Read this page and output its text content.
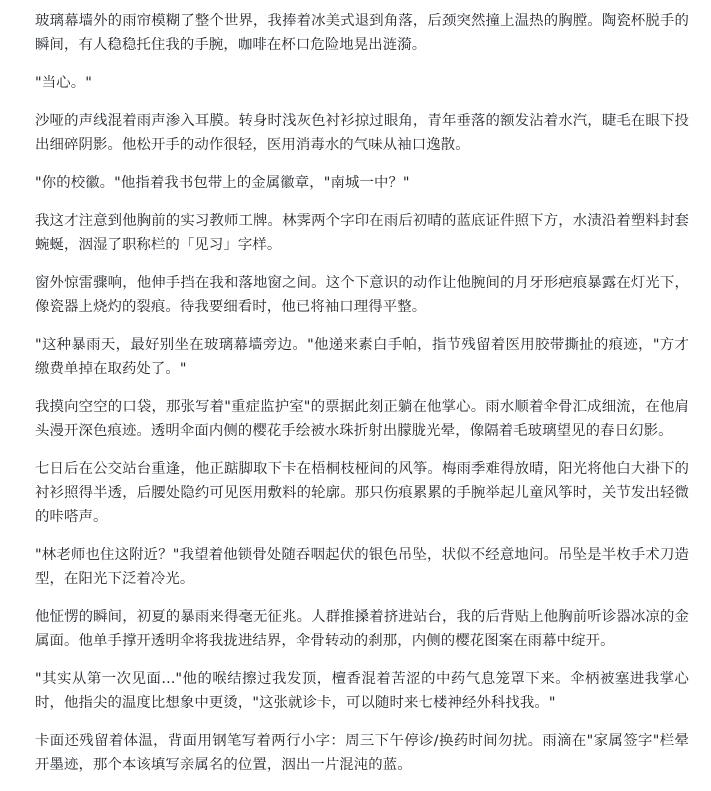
玻璃幕墙外的雨帘模糊了整个世界，我捧着冰美式退到角落，后颈突然撞上温热的胸膛。陶瓷杯脱手的瞬间，有人稳稳托住我的手腕，咖啡在杯口危险地晃出涟漪。

"当心。"

沙哑的声线混着雨声渗入耳膜。转身时浅灰色衬衫掠过眼角，青年垂落的额发沾着水汽，睫毛在眼下投出细碎阴影。他松开手的动作很轻，医用消毒水的气味从袖口逸散。

"你的校徽。"他指着我书包带上的金属徽章，"南城一中？"

我这才注意到他胸前的实习教师工牌。林霁两个字印在雨后初晴的蓝底证件照下方，水渍沿着塑料封套蜿蜒，洇湿了职称栏的「见习」字样。

窗外惊雷骤响，他伸手挡在我和落地窗之间。这个下意识的动作让他腕间的月牙形疤痕暴露在灯光下，像瓷器上烧灼的裂痕。待我要细看时，他已将袖口理得平整。

"这种暴雨天，最好别坐在玻璃幕墙旁边。"他递来素白手帕，指节残留着医用胶带撕扯的痕迹，"方才缴费单掉在取药处了。"

我摸向空空的口袋，那张写着"重症监护室"的票据此刻正躺在他掌心。雨水顺着伞骨汇成细流，在他肩头漫开深色痕迹。透明伞面内侧的樱花手绘被水珠折射出朦胧光晕，像隔着毛玻璃望见的春日幻影。

七日后在公交站台重逢，他正踮脚取下卡在梧桐枝桠间的风筝。梅雨季难得放晴，阳光将他白大褂下的衬衫照得半透，后腰处隐约可见医用敷料的轮廓。那只伤痕累累的手腕举起儿童风筝时，关节发出轻微的咔嗒声。

"林老师也住这附近？"我望着他锁骨处随吞咽起伏的银色吊坠，状似不经意地问。吊坠是半枚手术刀造型，在阳光下泛着冷光。

他怔愣的瞬间，初夏的暴雨来得毫无征兆。人群推搡着挤进站台，我的后背贴上他胸前听诊器冰凉的金属面。他单手撑开透明伞将我拢进结界，伞骨转动的刹那，内侧的樱花图案在雨幕中绽开。

"其实从第一次见面..."他的喉结擦过我发顶，檀香混着苦涩的中药气息笼罩下来。伞柄被塞进我掌心时，他指尖的温度比想象中更烫，"这张就诊卡，可以随时来七楼神经外科找我。"

卡面还残留着体温，背面用钢笔写着两行小字：周三下午停诊/换药时间勿扰。雨滴在"家属签字"栏晕开墨迹，那个本该填写亲属名的位置，洇出一片混沌的蓝。
